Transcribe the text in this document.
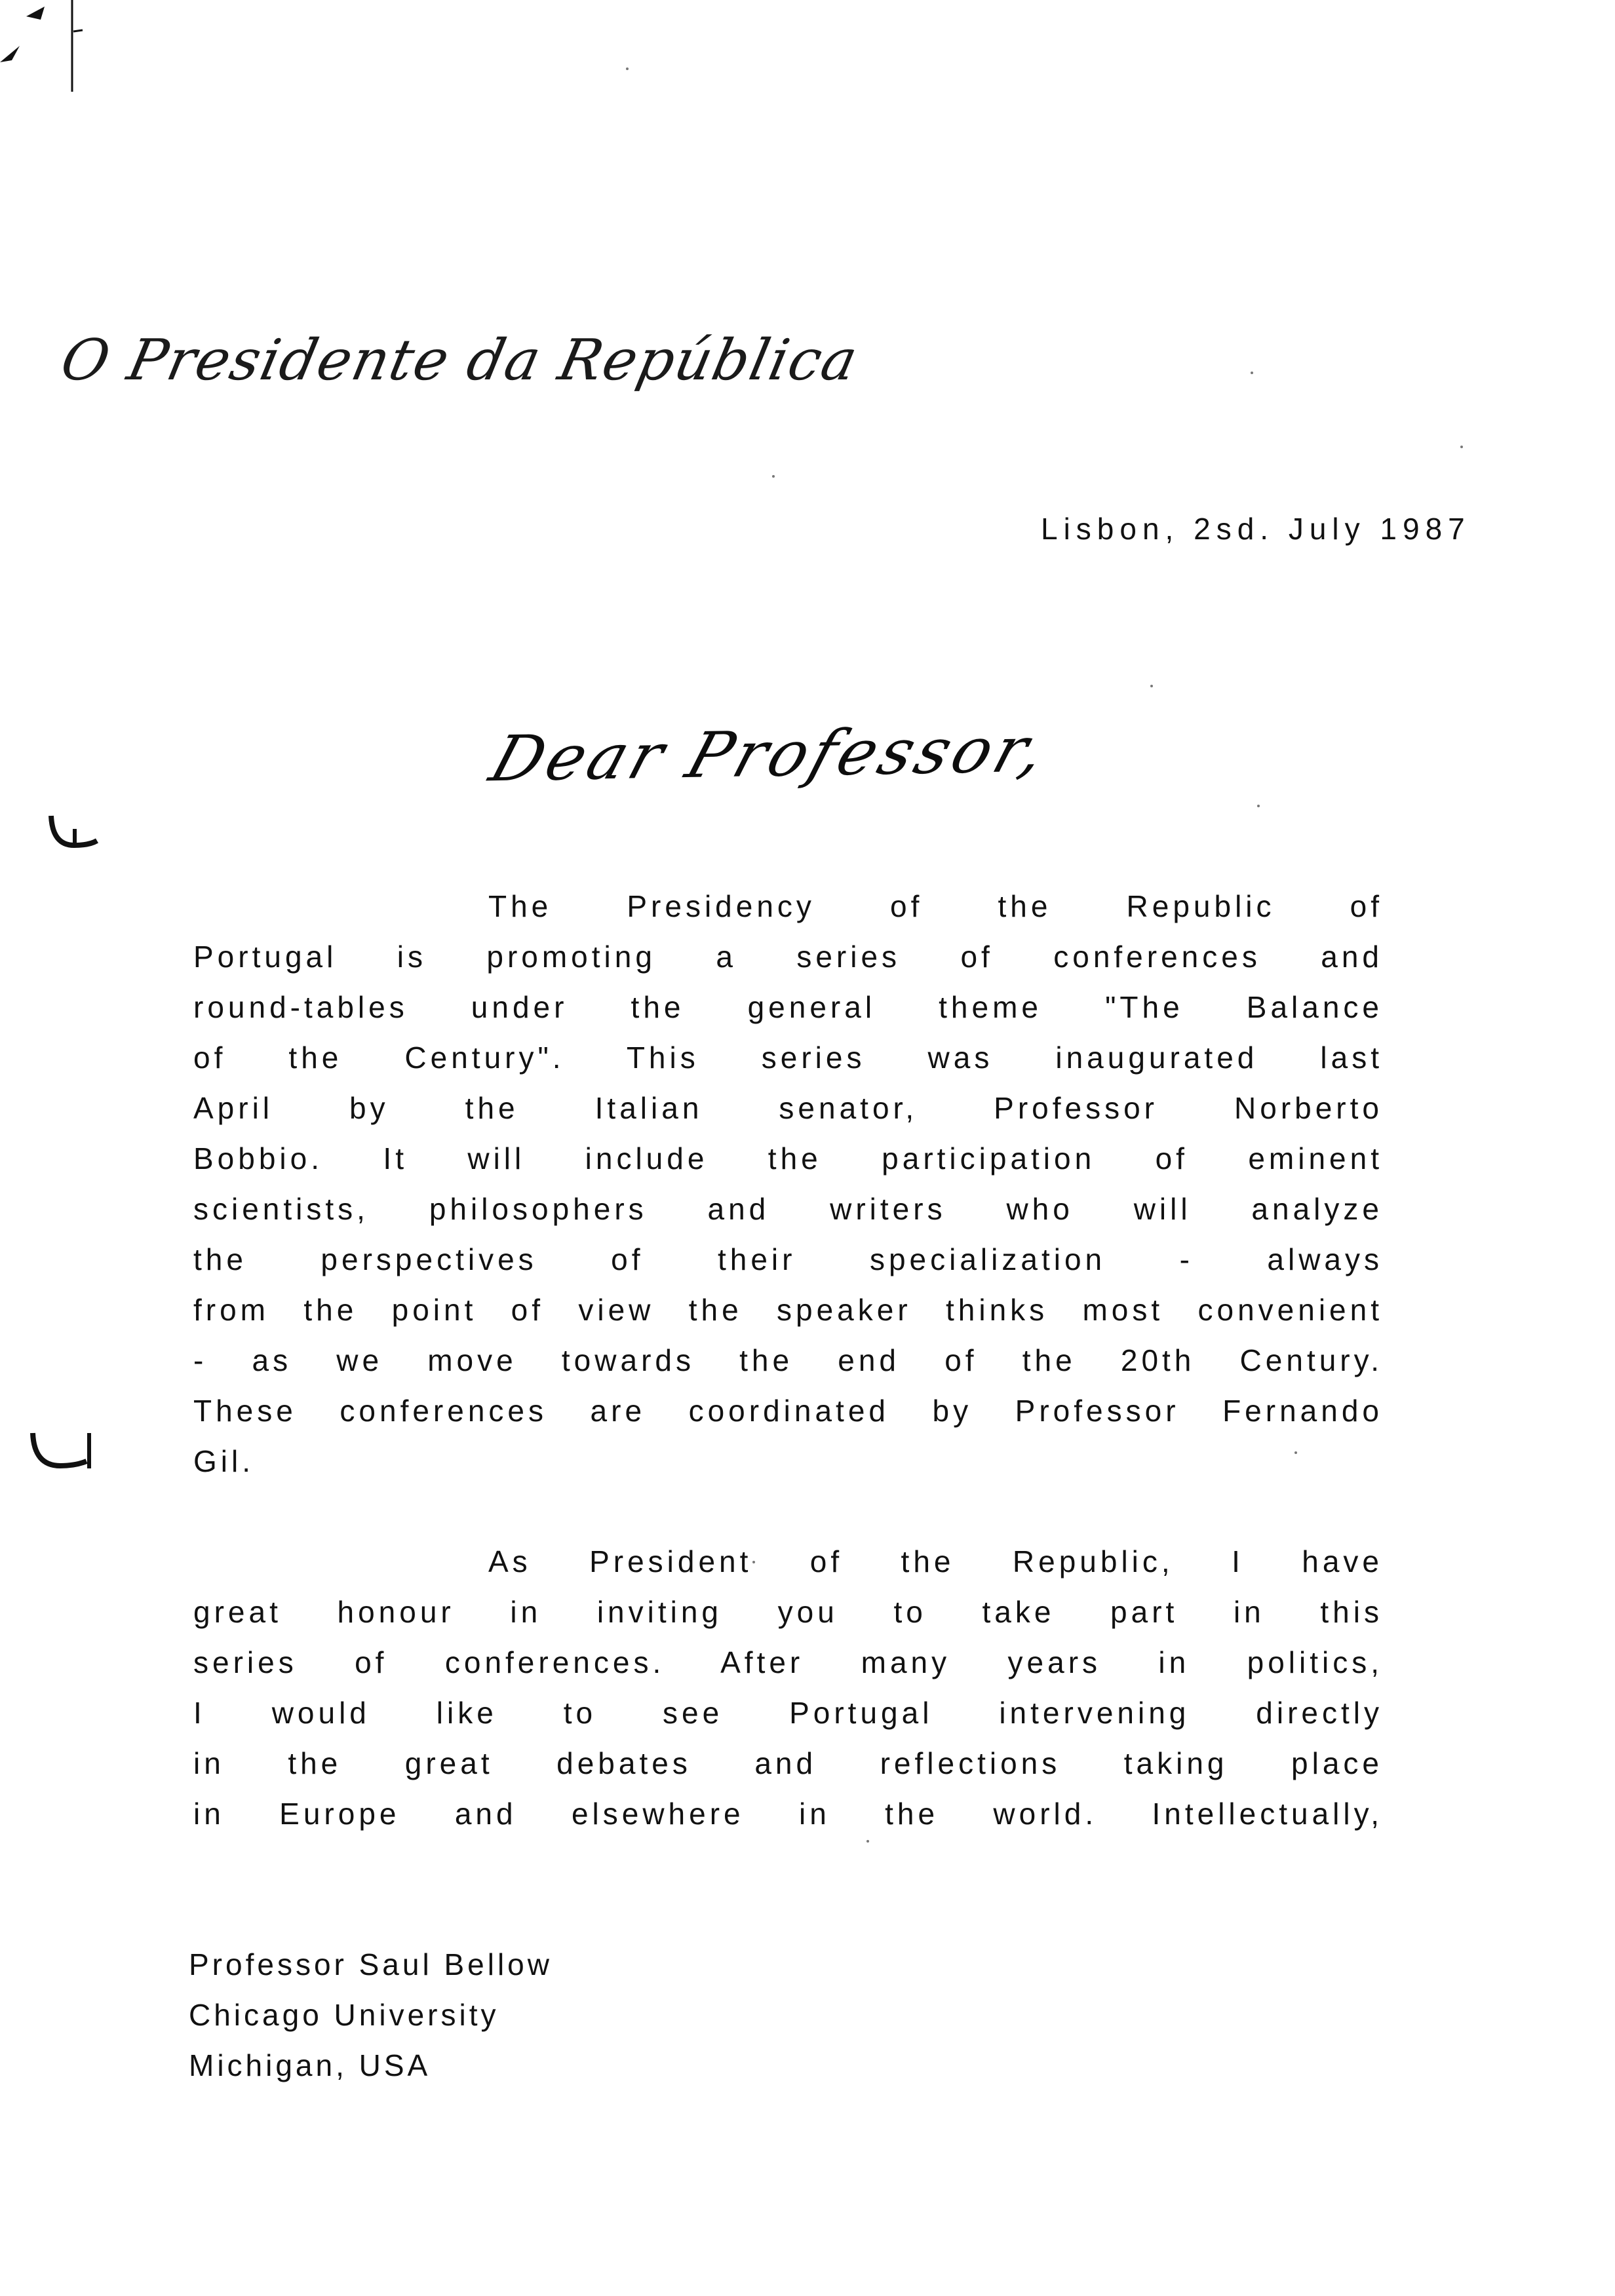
O Presidente da República
Lisbon, 2sd. July 1987
Dear Professor,
The Presidency of the Republic of
Portugal is promoting a series of conferences and
round-tables under the general theme "The Balance
of the Century". This series was inaugurated last
April by the Italian senator, Professor Norberto
Bobbio. It will include the participation of eminent
scientists, philosophers and writers who will analyze
the perspectives of their specialization - always
from the point of view the speaker thinks most convenient
- as we move towards the end of the 20th Century.
These conferences are coordinated by Professor Fernando
Gil.
As President of the Republic, I have
great honour in inviting you to take part in this
series of conferences. After many years in politics,
I would like to see Portugal intervening directly
in the great debates and reflections taking place
in Europe and elsewhere in the world. Intellectually,
Professor Saul Bellow
Chicago University
Michigan, USA
